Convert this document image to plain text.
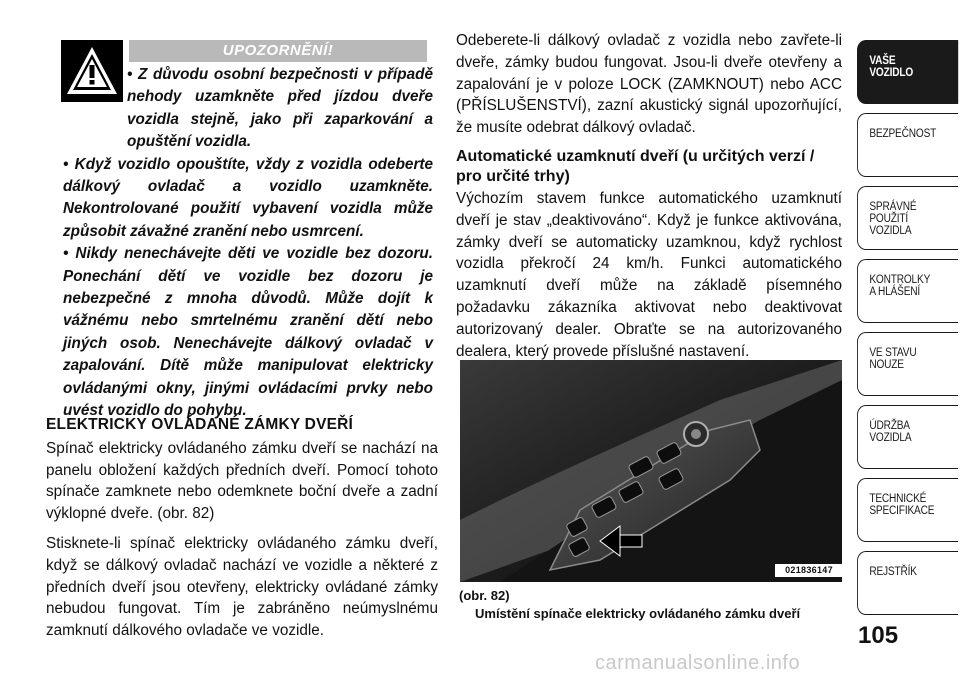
UPOZORNĚNÍ!

• Z důvodu osobní bezpečnosti v případě nehody uzamkněte před jízdou dveře vozidla stejně, jako při zaparkování a opuštění vozidla.

• Když vozidlo opouštíte, vždy z vozidla odeberte dálkový ovladač a vozidlo uzamkněte. Nekontrolované použití vybavení vozidla může způsobit závažné zranění nebo usmrcení.

• Nikdy nenechávejte děti ve vozidle bez dozoru. Ponechání dětí ve vozidle bez dozoru je nebezpečné z mnoha důvodů. Může dojít k vážnému nebo smrtelnému zranění dětí nebo jiných osob. Nenechávejte dálkový ovladač v zapalování. Dítě může manipulovat elektricky ovládanými okny, jinými ovládacími prvky nebo uvést vozidlo do pohybu.

ELEKTRICKY OVLÁDANÉ ZÁMKY DVEŘÍ

Spínač elektricky ovládaného zámku dveří se nachází na panelu obložení každých předních dveří. Pomocí tohoto spínače zamknete nebo odemknete boční dveře a zadní výklopné dveře. (obr. 82)

Stisknete-li spínač elektricky ovládaného zámku dveří, když se dálkový ovladač nachází ve vozidle a některé z předních dveří jsou otevřeny, elektricky ovládané zámky nebudou fungovat. Tím je zabráněno neúmyslnému zamknutí dálkového ovladače ve vozidle.

Odeberete-li dálkový ovladač z vozidla nebo zavřete-li dveře, zámky budou fungovat. Jsou-li dveře otevřeny a zapalování je v poloze LOCK (ZAMKNOUT) nebo ACC (PŘÍSLUŠENSTVÍ), zazní akustický signál upozorňující, že musíte odebrat dálkový ovladač.

Automatické uzamknutí dveří (u určitých verzí / pro určité trhy)

Výchozím stavem funkce automatického uzamknutí dveří je stav „deaktivováno“. Když je funkce aktivována, zámky dveří se automaticky uzamknou, když rychlost vozidla překročí 24 km/h. Funkci automatického uzamknutí dveří může na základě písemného požadavku zákazníka aktivovat nebo deaktivovat autorizovaný dealer. Obraťte se na autorizovaného dealera, který provede příslušné nastavení.

021836147
(obr. 82)
Umístění spínače elektricky ovládaného zámku dveří
VAŠE
VOZIDLO
BEZPEČNOST
SPRÁVNÉ
POUŽITÍ
VOZIDLA
KONTROLKY
A HLÁŠENÍ
VE STAVU
NOUZE
ÚDRŽBA
VOZIDLA
TECHNICKÉ
SPECIFIKACE
REJSTŘÍK
105
carmanualsonline.info
